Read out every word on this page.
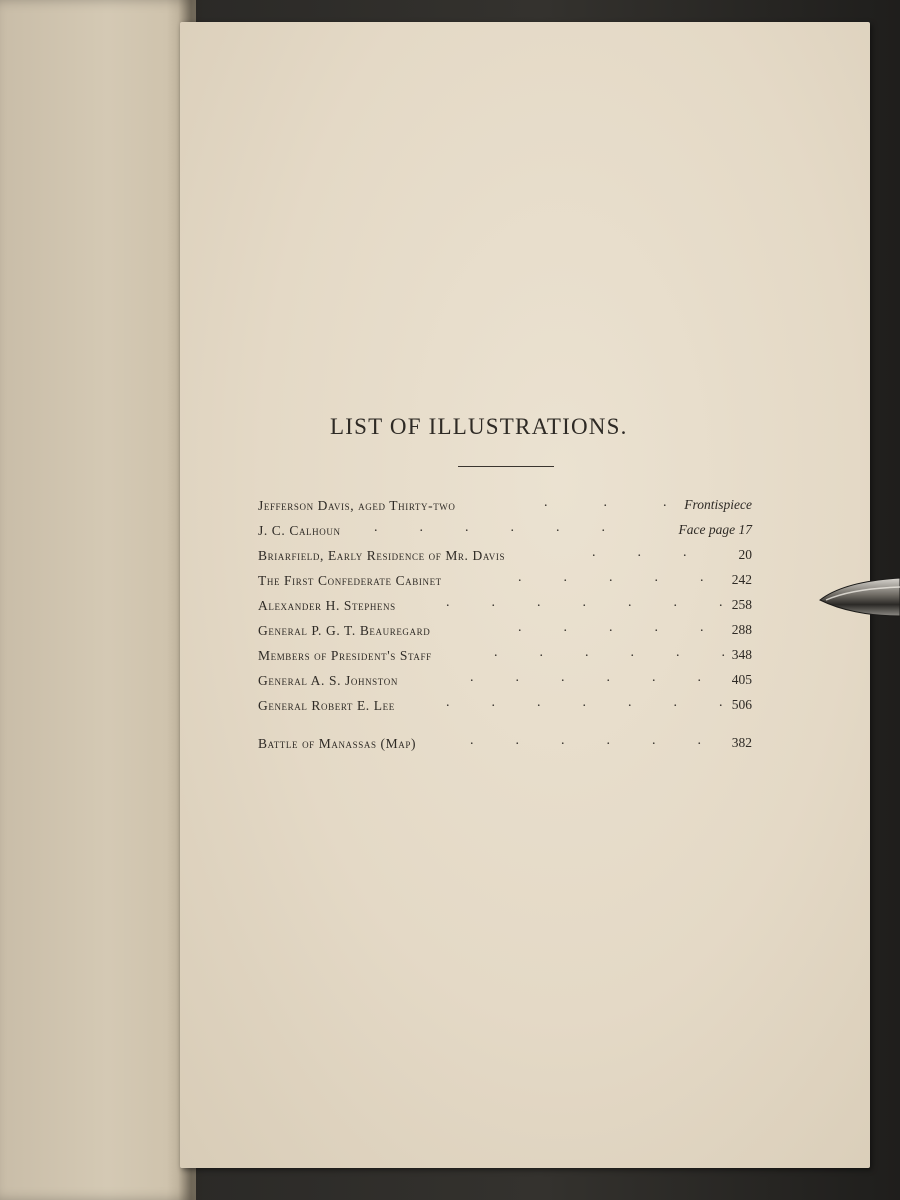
LIST OF ILLUSTRATIONS.
Jefferson Davis, aged Thirty-two	.    .    . Frontispiece
J. C. Calhoun .   .   .   .   .   .	Face page 17
Briarfield, Early Residence of Mr. Davis	.   .   .	20
The First Confederate Cabinet	.   .   .   .   . 242
Alexander H. Stephens	.   .   .   .   .   .   . 258
General P. G. T. Beauregard	.   .   .   .   . 288
Members of President's Staff	.   .   .   .   .   . 348
General A. S. Johnston	.   .   .   .   .   . 405
General Robert E. Lee	.   .   .   .   .   .   . 506
Battle of Manassas (Map)	.   .   .   .   .   . 382
